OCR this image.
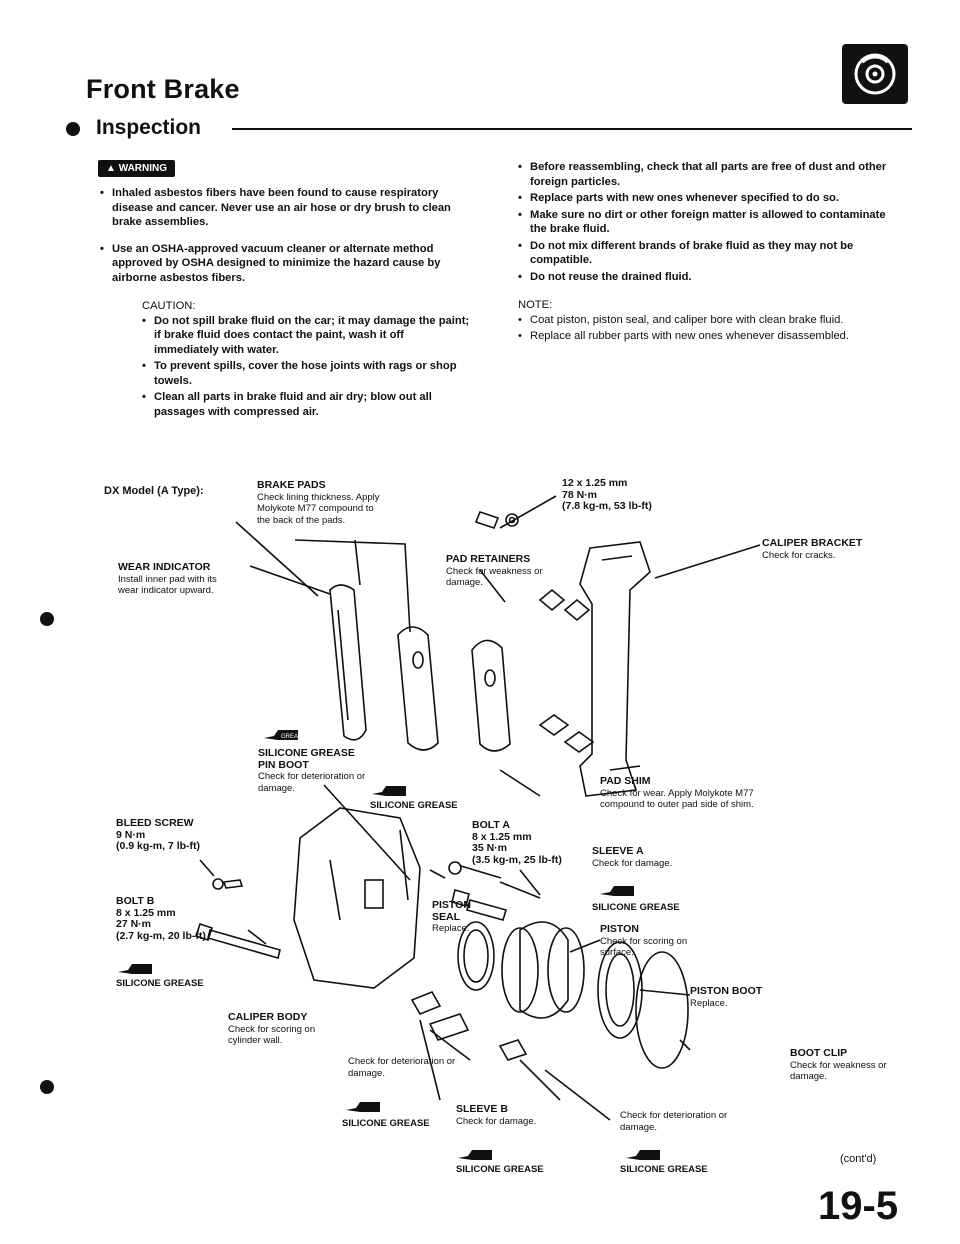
Front Brake
Inspection
▲ WARNING
• Inhaled asbestos fibers have been found to cause respiratory disease and cancer. Never use an air hose or dry brush to clean brake assemblies.
• Use an OSHA-approved vacuum cleaner or alternate method approved by OSHA designed to minimize the hazard cause by airborne asbestos fibers.
CAUTION:
• Do not spill brake fluid on the car; it may damage the paint; if brake fluid does contact the paint, wash it off immediately with water.
• To prevent spills, cover the hose joints with rags or shop towels.
• Clean all parts in brake fluid and air dry; blow out all passages with compressed air.
• Before reassembling, check that all parts are free of dust and other foreign particles.
• Replace parts with new ones whenever specified to do so.
• Make sure no dirt or other foreign matter is allowed to contaminate the brake fluid.
• Do not mix different brands of brake fluid as they may not be compatible.
• Do not reuse the drained fluid.
NOTE:
• Coat piston, piston seal, and caliper bore with clean brake fluid.
• Replace all rubber parts with new ones whenever disassembled.
DX Model (A Type):	BRAKE PADS
Check lining thickness. Apply Molykote M77 compound to the back of the pads.
12 x 1.25 mm
78 N·m
(7.8 kg-m, 53 lb-ft)
PAD RETAINERS
Check for weakness or damage.
CALIPER BRACKET
Check for cracks.
WEAR INDICATOR
Install inner pad with its wear indicator upward.
GREASE
SILICONE GREASE
PIN BOOT
Check for deterioration or damage.
SILICONE GREASE
PAD SHIM
Check for wear. Apply Molykote M77 compound to outer pad side of shim.
BLEED SCREW
9 N·m
(0.9 kg-m, 7 lb-ft)
BOLT A
8 x 1.25 mm
35 N·m
(3.5 kg-m, 25 lb-ft)
SLEEVE A
Check for damage.
SILICONE GREASE
BOLT B
8 x 1.25 mm
27 N·m
(2.7 kg-m, 20 lb-ft)
PISTON SEAL
Replace.	PISTON
Check for scoring on surface.
SILICONE GREASE
PISTON BOOT
Replace.
CALIPER BODY
Check for scoring on cylinder wall.
Check for deterioration or damage.
BOOT CLIP
Check for weakness or damage.
SILICONE GREASE
SLEEVE B
Check for damage.	Check for deterioration or damage.
SILICONE GREASE	SILICONE GREASE
(cont'd)
19-5
